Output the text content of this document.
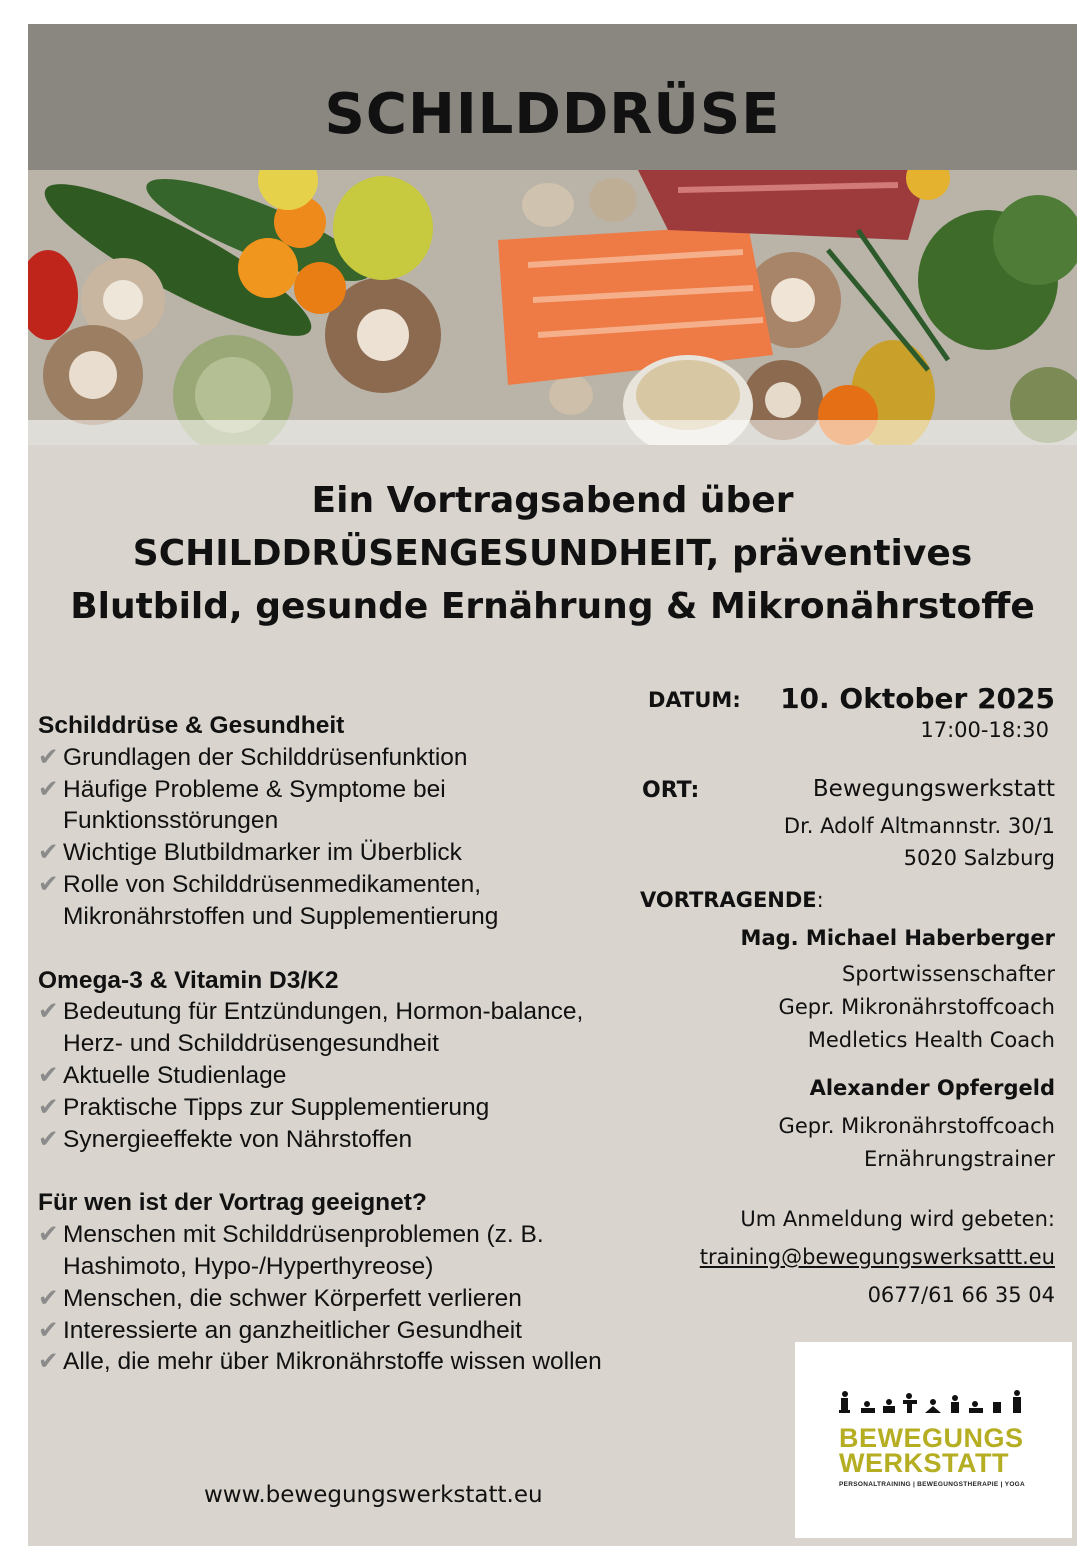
SCHILDDRÜSE
Ein Vortragsabend über
SCHILDDRÜSENGESUNDHEIT, präventives
Blutbild, gesunde Ernährung & Mikronährstoffe

Schilddrüse & Gesundheit

✔ Grundlagen der Schilddrüsenfunktion
✔ Häufige Probleme & Symptome bei Funktionsstörungen
✔ Wichtige Blutbildmarker im Überblick
✔ Rolle von Schilddrüsenmedikamenten, Mikronährstoffen und Supplementierung

Omega-3 & Vitamin D3/K2

✔ Bedeutung für Entzündungen, Hormon-balance, Herz- und Schilddrüsengesundheit
✔ Aktuelle Studienlage
✔ Praktische Tipps zur Supplementierung
✔ Synergieeffekte von Nährstoffen

Für wen ist der Vortrag geeignet?

✔ Menschen mit Schilddrüsenproblemen (z. B. Hashimoto, Hypo-/Hyperthyreose)
✔ Menschen, die schwer Körperfett verlieren
✔ Interessierte an ganzheitlicher Gesundheit
✔ Alle, die mehr über Mikronährstoffe wissen wollen
DATUM: 10. Oktober 2025
17:00-18:30
ORT:	Bewegungswerkstatt
Dr. Adolf Altmannstr. 30/1
5020 Salzburg
VORTRAGENDE:
Mag. Michael Haberberger
Sportwissenschafter
Gepr. Mikronährstoffcoach
Medletics Health Coach
Alexander Opfergeld
Gepr. Mikronährstoffcoach
Ernährungstrainer
Um Anmeldung wird gebeten:
training@bewegungswerksattt.eu
0677/61 66 35 04
www.bewegungswerkstatt.eu
BEWEGUNGS
WERKSTATT
PERSONALTRAINING | BEWEGUNGSTHERAPIE | YOGA
